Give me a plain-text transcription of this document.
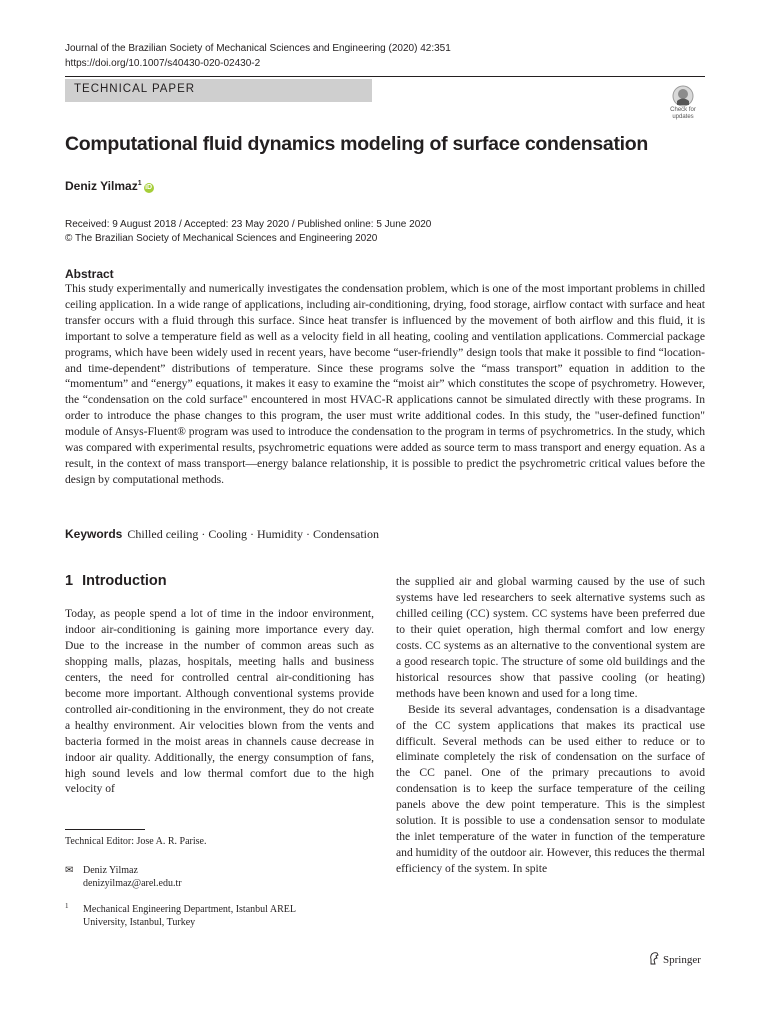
Journal of the Brazilian Society of Mechanical Sciences and Engineering (2020) 42:351
https://doi.org/10.1007/s40430-020-02430-2
TECHNICAL PAPER
Check for
updates
Computational fluid dynamics modeling of surface condensation
Deniz Yilmaz$^1$iD
Received: 9 August 2018 / Accepted: 23 May 2020 / Published online: 5 June 2020
© The Brazilian Society of Mechanical Sciences and Engineering 2020
Abstract
This study experimentally and numerically investigates the condensation problem, which is one of the most important problems in chilled ceiling application. In a wide range of applications, including air-conditioning, drying, food storage, airflow contact with surface and heat transfer occurs with a fluid through this surface. Since heat transfer is influenced by the movement of both airflow and this fluid, it is important to solve a temperature field as well as a velocity field in all heating, cooling and ventilation applications. Commercial package programs, which have been widely used in recent years, have become “user-friendly” design tools that make it possible to find “location- and time-dependent” distributions of temperature. Since these programs solve the “mass transport” equation in addition to the “momentum” and “energy” equations, it makes it easy to examine the “moist air” which constitutes the scope of psychrometry. However, the “condensation on the cold surface" encountered in most HVAC-R applications cannot be simulated directly with these programs. In order to introduce the phase changes to this program, the user must write additional codes. In this study, the "user-defined function" module of Ansys-Fluent® program was used to introduce the condensation to the program in terms of psychrometrics. In the study, which was compared with experimental results, psychrometric equations were added as source term to mass transport and energy equation. As a result, in the context of mass transport—energy balance relationship, it is possible to predict the psychrometric critical values before the design by computational methods.
Keywords Chilled ceiling · Cooling · Humidity · Condensation
1 Introduction

Today, as people spend a lot of time in the indoor environment, indoor air-conditioning is gaining more importance every day. Due to the increase in the number of common areas such as shopping malls, plazas, hospitals, meeting halls and business centers, the need for controlled central air-conditioning has become more important. Although conventional systems provide controlled air-conditioning in the environment, they do not create a healthy environment. Air velocities blown from the vents and bacteria formed in the moist areas in channels cause decrease in indoor air quality. Additionally, the energy consumption of fans, high sound levels and low thermal comfort due to the high velocity of

the supplied air and global warming caused by the use of such systems have led researchers to seek alternative systems such as chilled ceiling (CC) system. CC systems have been preferred due to their quiet operation, high thermal comfort and low energy costs. CC systems as an alternative to the conventional system are a good research topic. The structure of some old buildings and the historical resources show that passive cooling (or heating) methods have been known and used for a long time.

Beside its several advantages, condensation is a disadvantage of the CC system applications that makes its practical use difficult. Several methods can be used either to reduce or to eliminate completely the risk of condensation on the surface of the CC panel. One of the primary precautions to avoid condensation is to keep the surface temperature of the ceiling panels above the dew point temperature. This is the simplest solution. It is possible to use a condensation sensor to modulate the inlet temperature of the water in function of the temperature and humidity of the outdoor air. However, this reduces the thermal efficiency of the system. In spite

Technical Editor: Jose A. R. Parise.
✉ Deniz Yilmaz
denizyilmaz@arel.edu.tr
1 Mechanical Engineering Department, Istanbul AREL
University, Istanbul, Turkey
Springer
